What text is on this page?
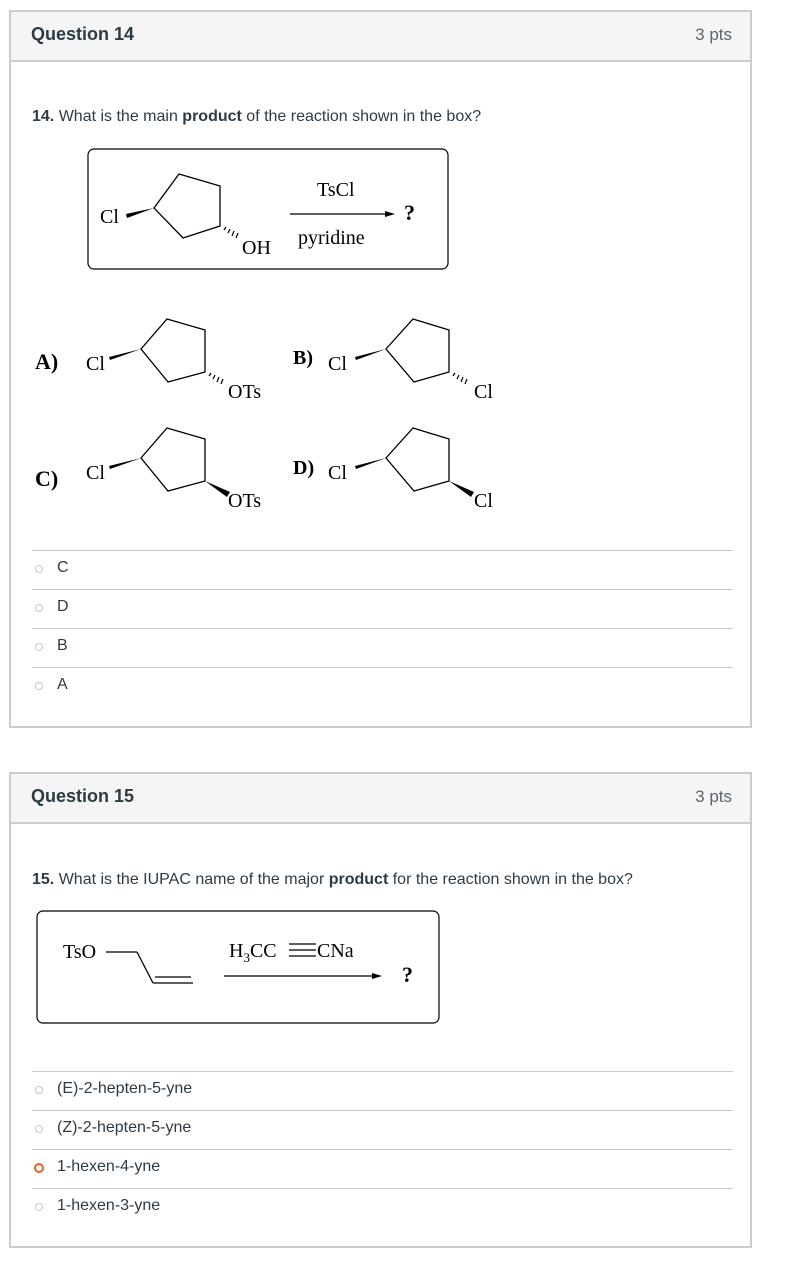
Question 14	3 pts
14. What is the main product of the reaction shown in the box?
Cl
OH
TsCl
pyridine
?
A) Cl
OTs
B) Cl
Cl
C) Cl
OTs
D) Cl
Cl
C
D
B
A
Question 15	3 pts
15. What is the IUPAC name of the major product for the reaction shown in the box?
TsO	$H_3CC$ CNa
?
(E)-2-hepten-5-yne
(Z)-2-hepten-5-yne
1-hexen-4-yne
1-hexen-3-yne
